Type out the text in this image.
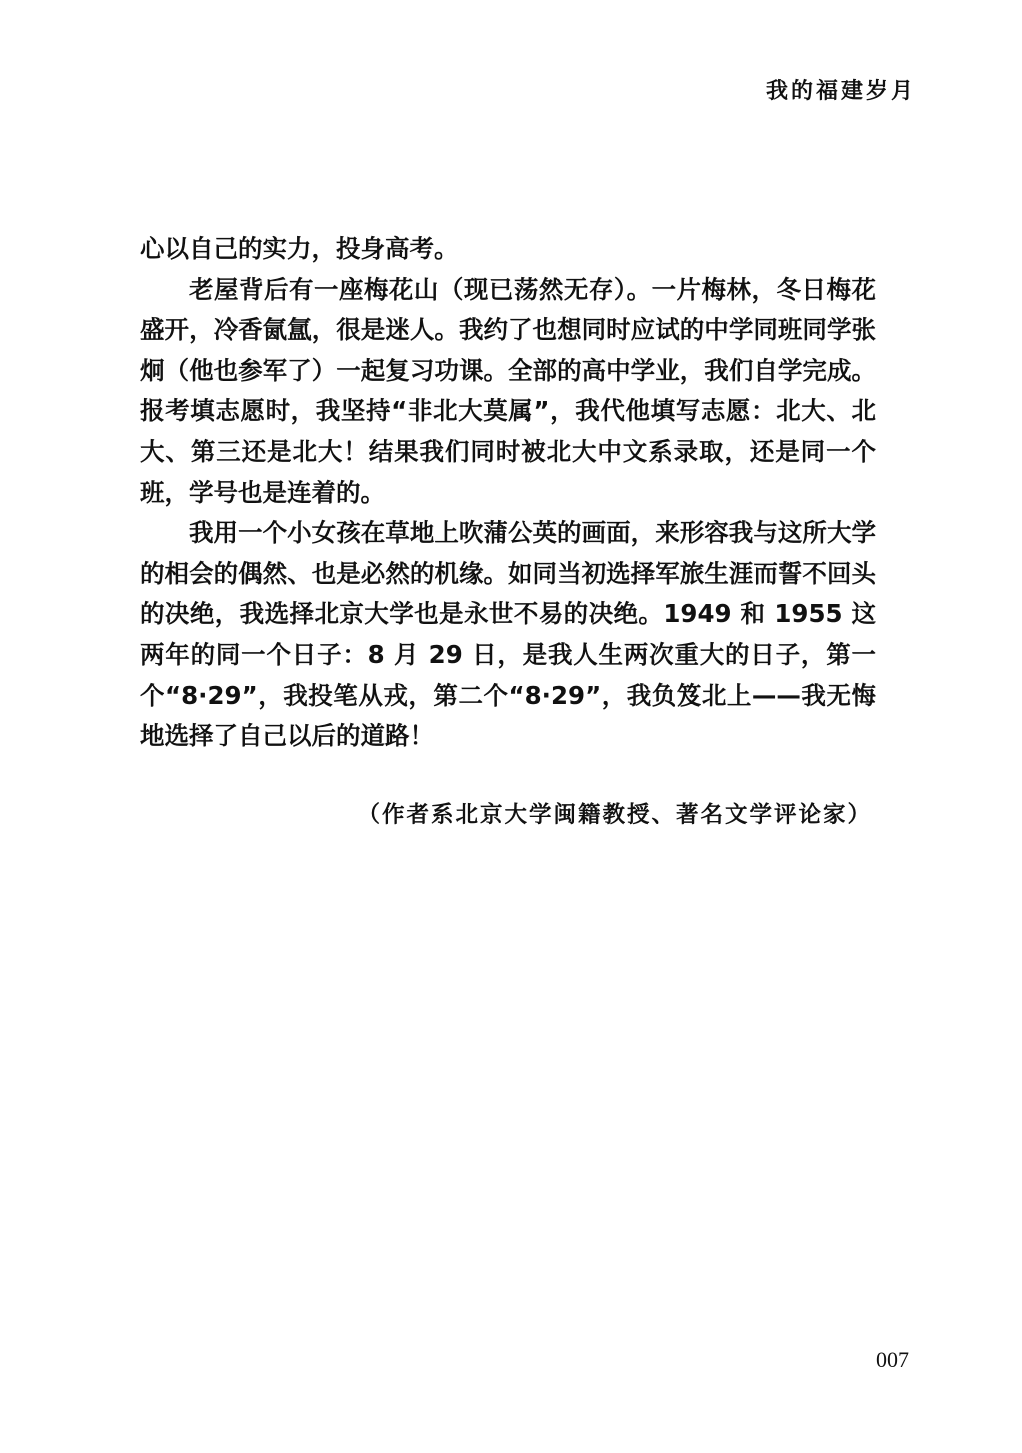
我的福建岁月

心以自己的实力，投身高考。

老屋背后有一座梅花山（现已荡然无存）。一片梅林，冬日梅花盛开，冷香氤氲，很是迷人。我约了也想同时应试的中学同班同学张炯（他也参军了）一起复习功课。全部的高中学业，我们自学完成。报考填志愿时，我坚持“非北大莫属”，我代他填写志愿：北大、北大、第三还是北大！结果我们同时被北大中文系录取，还是同一个班，学号也是连着的。

我用一个小女孩在草地上吹蒲公英的画面，来形容我与这所大学的相会的偶然、也是必然的机缘。如同当初选择军旅生涯而誓不回头的决绝，我选择北京大学也是永世不易的决绝。1949 和 1955 这两年的同一个日子：8 月 29 日，是我人生两次重大的日子，第一个“8·29”，我投笔从戎，第二个“8·29”，我负笈北上——我无悔地选择了自己以后的道路！

（作者系北京大学闽籍教授、著名文学评论家）
007
